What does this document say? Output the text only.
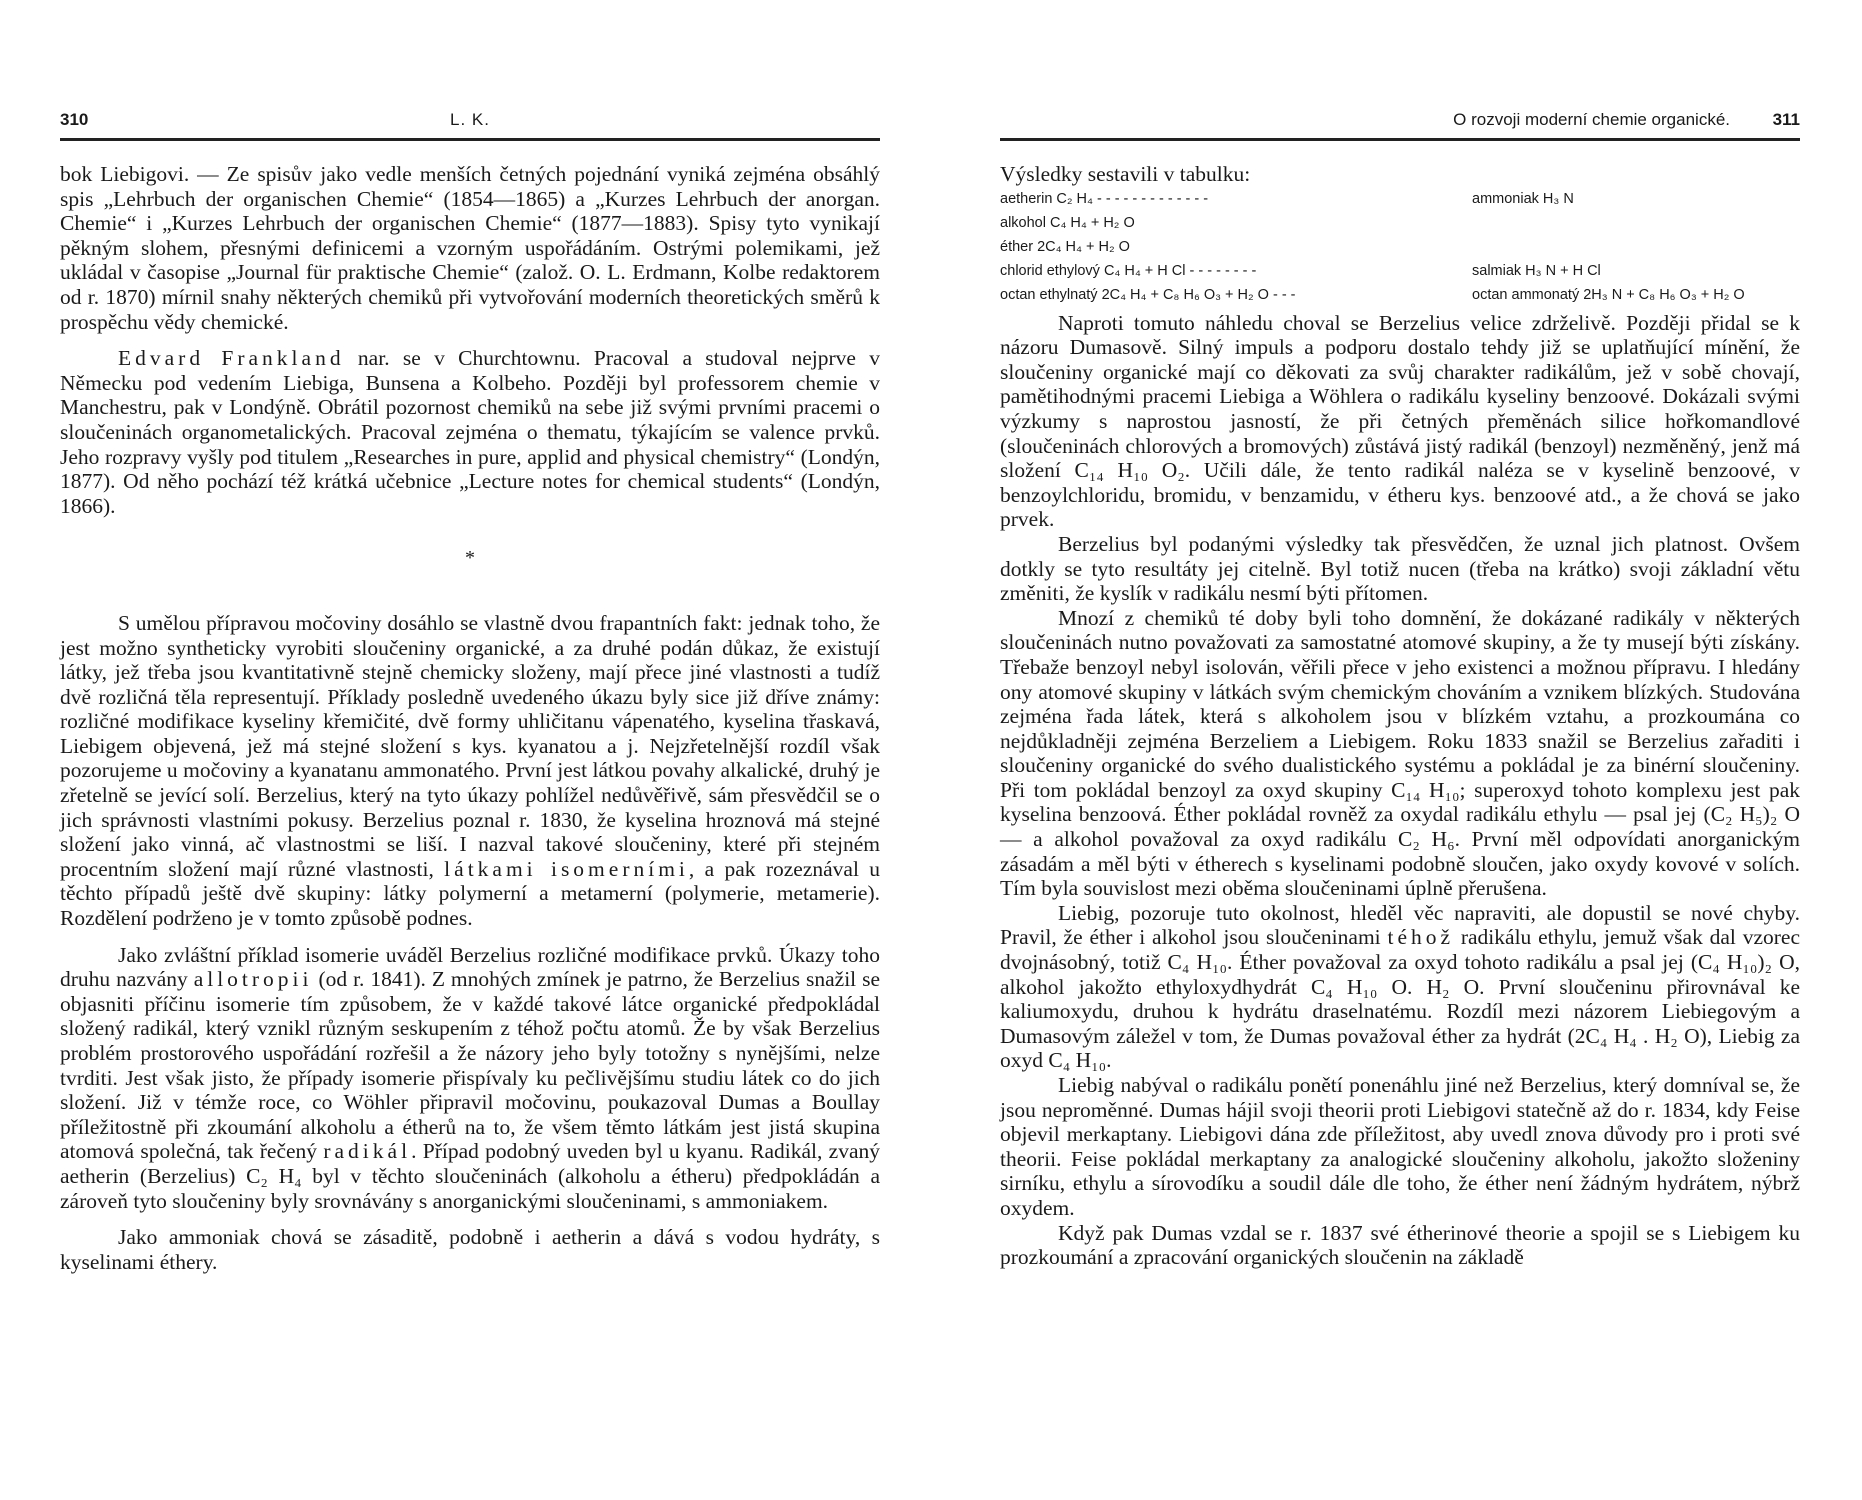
310	L. K.

bok Liebigovi. — Ze spisův jako vedle menších četných pojednání vyniká zejména obsáhlý spis „Lehrbuch der organischen Chemie“ (1854—1865) a „Kurzes Lehrbuch der anorgan. Chemie“ i „Kurzes Lehrbuch der organischen Chemie“ (1877—1883). Spisy tyto vynikají pěkným slohem, přesnými definicemi a vzorným uspořádáním. Ostrými polemikami, jež ukládal v časopise „Journal für praktische Chemie“ (založ. O. L. Erdmann, Kolbe redaktorem od r. 1870) mírnil snahy některých chemiků při vytvořování moderních theoretických směrů k prospěchu vědy chemické.

Edvard Frankland nar. se v Churchtownu. Pracoval a studoval nejprve v Německu pod vedením Liebiga, Bunsena a Kolbeho. Později byl professorem chemie v Manchestru, pak v Londýně. Obrátil pozornost chemiků na sebe již svými prvními pracemi o sloučeninách organometalických. Pracoval zejména o thematu, týkajícím se valence prvků. Jeho rozpravy vyšly pod titulem „Researches in pure, applid and physical chemistry“ (Londýn, 1877). Od něho pochází též krátká učebnice „Lecture notes for chemical students“ (Londýn, 1866).

*

S umělou přípravou močoviny dosáhlo se vlastně dvou frapantních fakt: jednak toho, že jest možno syntheticky vyrobiti sloučeniny organické, a za druhé podán důkaz, že existují látky, jež třeba jsou kvantitativně stejně chemicky složeny, mají přece jiné vlastnosti a tudíž dvě rozličná těla representují. Příklady posledně uvedeného úkazu byly sice již dříve známy: rozličné modifikace kyseliny křemičité, dvě formy uhličitanu vápenatého, kyselina třaskavá, Liebigem objevená, jež má stejné složení s kys. kyanatou a j. Nejzřetelnější rozdíl však pozorujeme u močoviny a kyanatanu ammonatého. První jest látkou povahy alkalické, druhý je zřetelně se jevící solí. Berzelius, který na tyto úkazy pohlížel nedůvěřivě, sám přesvědčil se o jich správnosti vlastními pokusy. Berzelius poznal r. 1830, že kyselina hroznová má stejné složení jako vinná, ač vlastnostmi se liší. I nazval takové sloučeniny, které při stejném procentním složení mají různé vlastnosti, látkami isomerními, a pak rozeznával u těchto případů ještě dvě skupiny: látky polymerní a metamerní (polymerie, metamerie). Rozdělení podrženo je v tomto způsobě podnes.

Jako zvláštní příklad isomerie uváděl Berzelius rozličné modifikace prvků. Úkazy toho druhu nazvány allotropii (od r. 1841). Z mnohých zmínek je patrno, že Berzelius snažil se objasniti příčinu isomerie tím způsobem, že v každé takové látce organické předpokládal složený radikál, který vznikl různým seskupením z téhož počtu atomů. Že by však Berzelius problém prostorového uspořádání rozřešil a že názory jeho byly totožny s nynějšími, nelze tvrditi. Jest však jisto, že případy isomerie přispívaly ku pečlivějšímu studiu látek co do jich složení. Již v témže roce, co Wöhler připravil močovinu, poukazoval Dumas a Boullay příležitostně při zkoumání alkoholu a étherů na to, že všem těmto látkám jest jistá skupina atomová společná, tak řečený radikál. Případ podobný uveden byl u kyanu. Radikál, zvaný aetherin (Berzelius) C₂ H₄ byl v těchto sloučeninách (alkoholu a étheru) předpokládán a zároveň tyto sloučeniny byly srovnávány s anorganickými sloučeninami, s ammoniakem.

Jako ammoniak chová se zásaditě, podobně i aetherin a dává s vodou hydráty, s kyselinami éthery.

O rozvoji moderní chemie organické.	311

Výsledky sestavili v tabulku:

aetherin C₂ H₄ - - - - - - - - - - - - -	ammoniak H₃ N
alkohol C₄ H₄ + H₂ O
éther 2C₄ H₄ + H₂ O
chlorid ethylový C₄ H₄ + H Cl - - - - - - - -	salmiak H₃ N + H Cl
octan ethylnatý 2C₄ H₄ + C₈ H₆ O₃ + H₂ O - - -	octan ammonatý 2H₃ N + C₈ H₆ O₃ + H₂ O

Naproti tomuto náhledu choval se Berzelius velice zdrželivě. Později přidal se k názoru Dumasově. Silný impuls a podporu dostalo tehdy již se uplatňující mínění, že sloučeniny organické mají co děkovati za svůj charakter radikálům, jež v sobě chovají, pamětihodnými pracemi Liebiga a Wöhlera o radikálu kyseliny benzoové. Dokázali svými výzkumy s naprostou jasností, že při četných přeměnách silice hořkomandlové (sloučeninách chlorových a bromových) zůstává jistý radikál (benzoyl) nezměněný, jenž má složení C₁₄ H₁₀ O₂. Učili dále, že tento radikál naléza se v kyselině benzoové, v benzoylchloridu, bromidu, v benzamidu, v étheru kys. benzoové atd., a že chová se jako prvek.

Berzelius byl podanými výsledky tak přesvědčen, že uznal jich platnost. Ovšem dotkly se tyto resultáty jej citelně. Byl totiž nucen (třeba na krátko) svoji základní větu změniti, že kyslík v radikálu nesmí býti přítomen.

Mnozí z chemiků té doby byli toho domnění, že dokázané radikály v některých sloučeninách nutno považovati za samostatné atomové skupiny, a že ty musejí býti získány. Třebaže benzoyl nebyl isolován, věřili přece v jeho existenci a možnou přípravu. I hledány ony atomové skupiny v látkách svým chemickým chováním a vznikem blízkých. Studována zejména řada látek, která s alkoholem jsou v blízkém vztahu, a prozkoumána co nejdůkladněji zejména Berzeliem a Liebigem. Roku 1833 snažil se Berzelius zařaditi i sloučeniny organické do svého dualistického systému a pokládal je za binérní sloučeniny. Při tom pokládal benzoyl za oxyd skupiny C₁₄ H₁₀; superoxyd tohoto komplexu jest pak kyselina benzoová. Éther pokládal rovněž za oxydal radikálu ethylu — psal jej (C₂ H₅)₂ O — a alkohol považoval za oxyd radikálu C₂ H₆. První měl odpovídati anorganickým zásadám a měl býti v étherech s kyselinami podobně sloučen, jako oxydy kovové v solích. Tím byla souvislost mezi oběma sloučeninami úplně přerušena.

Liebig, pozoruje tuto okolnost, hleděl věc napraviti, ale dopustil se nové chyby. Pravil, že éther i alkohol jsou sloučeninami téhož radikálu ethylu, jemuž však dal vzorec dvojnásobný, totiž C₄ H₁₀. Éther považoval za oxyd tohoto radikálu a psal jej (C₄ H₁₀)₂ O, alkohol jakožto ethyloxydhydrát C₄ H₁₀ O. H₂ O. První sloučeninu přirovnával ke kaliumoxydu, druhou k hydrátu draselnatému. Rozdíl mezi názorem Liebiegovým a Dumasovým záležel v tom, že Dumas považoval éther za hydrát (2C₄ H₄ . H₂ O), Liebig za oxyd C₄ H₁₀.

Liebig nabýval o radikálu ponětí ponenáhlu jiné než Berzelius, který domníval se, že jsou neproměnné. Dumas hájil svoji theorii proti Liebigovi statečně až do r. 1834, kdy Feise objevil merkaptany. Liebigovi dána zde příležitost, aby uvedl znova důvody pro i proti své theorii. Feise pokládal merkaptany za analogické sloučeniny alkoholu, jakožto složeniny sirníku, ethylu a sírovodíku a soudil dále dle toho, že éther není žádným hydrátem, nýbrž oxydem.

Když pak Dumas vzdal se r. 1837 své étherinové theorie a spojil se s Liebigem ku prozkoumání a zpracování organických sloučenin na základě
